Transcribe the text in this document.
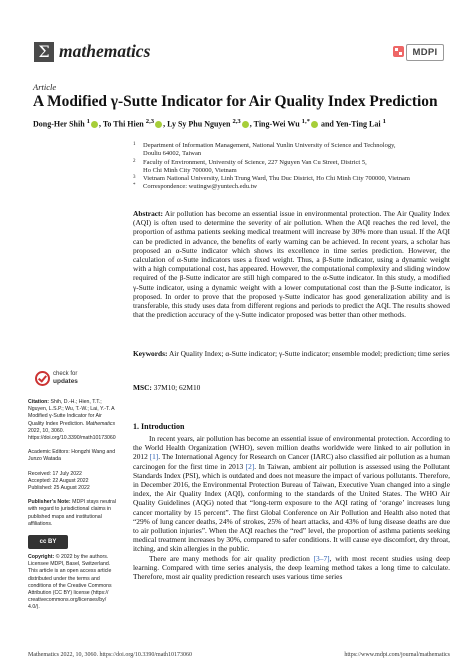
Σ mathematics	MDPI
Article
A Modified γ-Sutte Indicator for Air Quality Index Prediction
Dong-Her Shih $^1$ , To Thi Hien $^{2,3}$ , Ly Sy Phu Nguyen $^{2,3}$ , Ting-Wei Wu $^{1,*}$ and Yen-Ting Lai $^1$
1 Department of Information Management, National Yunlin University of Science and Technology,
Douliu 64002, Taiwan
2 Faculty of Environment, University of Science, 227 Nguyen Van Cu Street, District 5,
Ho Chi Minh City 700000, Vietnam
3 Vietnam National University, Linh Trung Ward, Thu Duc District, Ho Chi Minh City 700000, Vietnam
* Correspondence: wutingw@yuntech.edu.tw
Abstract: Air pollution has become an essential issue in environmental protection. The Air Quality Index (AQI) is often used to determine the severity of air pollution. When the AQI reaches the red level, the proportion of asthma patients seeking medical treatment will increase by 30% more than usual. If the AQI can be predicted in advance, the benefits of early warning can be achieved. In recent years, a scholar has proposed an α-Sutte indicator which shows its excellence in time series prediction. However, the calculation of α-Sutte indicators uses a fixed weight. Thus, a β-Sutte indicator, using a dynamic weight with a high computational cost, has appeared. However, the computational complexity and sliding window required of the β-Sutte indicator are still high compared to the α-Sutte indicator. In this study, a modified γ-Sutte indicator, using a dynamic weight with a lower computational cost than the β-Sutte indicator, is proposed. In order to prove that the proposed γ-Sutte indicator has good generalization ability and is transferable, this study uses data from different regions and periods to predict the AQI. The results showed that the prediction accuracy of the γ-Sutte indicator proposed was better than other methods.
Keywords: Air Quality Index; α-Sutte indicator; γ-Sutte indicator; ensemble model; prediction; time series
MSC: 37M10; 62M10
1. Introduction

In recent years, air pollution has become an essential issue of environmental protection. According to the World Health Organization (WHO), seven million deaths worldwide were linked to air pollution in 2012 [1]. The International Agency for Research on Cancer (IARC) also classified air pollution as a human carcinogen for the first time in 2013 [2]. In Taiwan, ambient air pollution is assessed using the Pollutant Standards Index (PSI), which is outdated and does not measure the impact of various pollutants. Therefore, in December 2016, the Environmental Protection Bureau of Taiwan, Executive Yuan changed into a single index, the Air Quality Index (AQI), conforming to the standards of the United States. The WHO Air Quality Guidelines (AQG) noted that “long-term exposure to the AQI rating of ‘orange’ increases lung cancer mortality by 15 percent”. The first Global Conference on Air Pollution and Health also noted that “29% of lung cancer deaths, 24% of strokes, 25% of heart attacks, and 43% of lung disease deaths are due to air pollution injuries”. When the AQI reaches the “red” level, the proportion of asthma patients seeking medical treatment increases by 30%, compared to safer conditions. It will cause eye discomfort, dry throat, itching, and skin allergies in the public.

There are many methods for air quality prediction [3–7], with most recent studies using deep learning. Compared with time series analysis, the deep learning method takes a long time to calculate. Therefore, most air quality prediction research uses various time series

check for
updates
Citation: Shih, D.-H.; Hien, T.T.; Nguyen, L.S.P.; Wu, T.-W.; Lai, Y.-T. A Modified γ-Sutte Indicator for Air Quality Index Prediction. Mathematics 2022, 10, 3060. https://doi.org/10.3390/math10173060
Academic Editors: Hongzhi Wang and Junzo Watada
Received: 17 July 2022
Accepted: 22 August 2022
Published: 25 August 2022
Publisher’s Note: MDPI stays neutral with regard to jurisdictional claims in published maps and institutional affiliations.
cc BY
Copyright: © 2022 by the authors. Licensee MDPI, Basel, Switzerland. This article is an open access article distributed under the terms and conditions of the Creative Commons Attribution (CC BY) license (https:// creativecommons.org/licenses/by/ 4.0/).
Mathematics 2022, 10, 3060. https://doi.org/10.3390/math10173060	https://www.mdpi.com/journal/mathematics
